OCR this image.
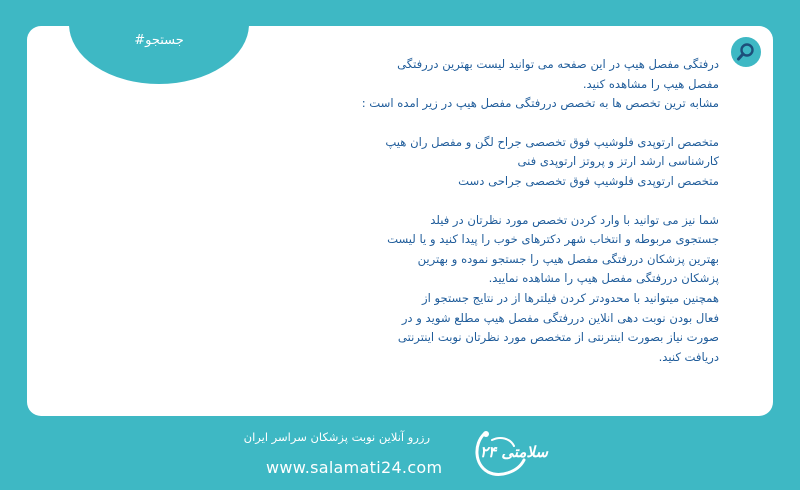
#جستجو

درفتگی مفصل هیپ در این صفحه می توانید لیست بهترین دررفتگی

مفصل هیپ را مشاهده کنید.

مشابه ترین تخصص ها به تخصص دررفتگی مفصل هیپ در زیر امده است :

متخصص ارتوپدی فلوشیپ فوق تخصصی جراح لگن و مفصل ران هیپ

کارشناسی ارشد ارتز و پروتز ارتوپدی فنی

متخصص ارتوپدی فلوشیپ فوق تخصصی جراحی دست

شما نیز می توانید با وارد کردن تخصص مورد نظرتان در فیلد

جستجوی مربوطه و انتخاب شهر دکترهای خوب را پیدا کنید و یا لیست

بهترین پزشکان دررفتگی مفصل هیپ را جستجو نموده و بهترین

پزشکان دررفتگی مفصل هیپ را مشاهده نمایید.

همچنین میتوانید با محدودتر کردن فیلترها از در نتایج جستجو از

فعال بودن نوبت دهی انلاین دررفتگی مفصل هیپ مطلع شوید و در

صورت نیاز بصورت اینترنتی از متخصص مورد نظرتان نوبت اینترنتی

دریافت کنید.

رزرو آنلاین نوبت پزشکان سراسر ایران
www.salamati24.com
سلامتی ۲۴
